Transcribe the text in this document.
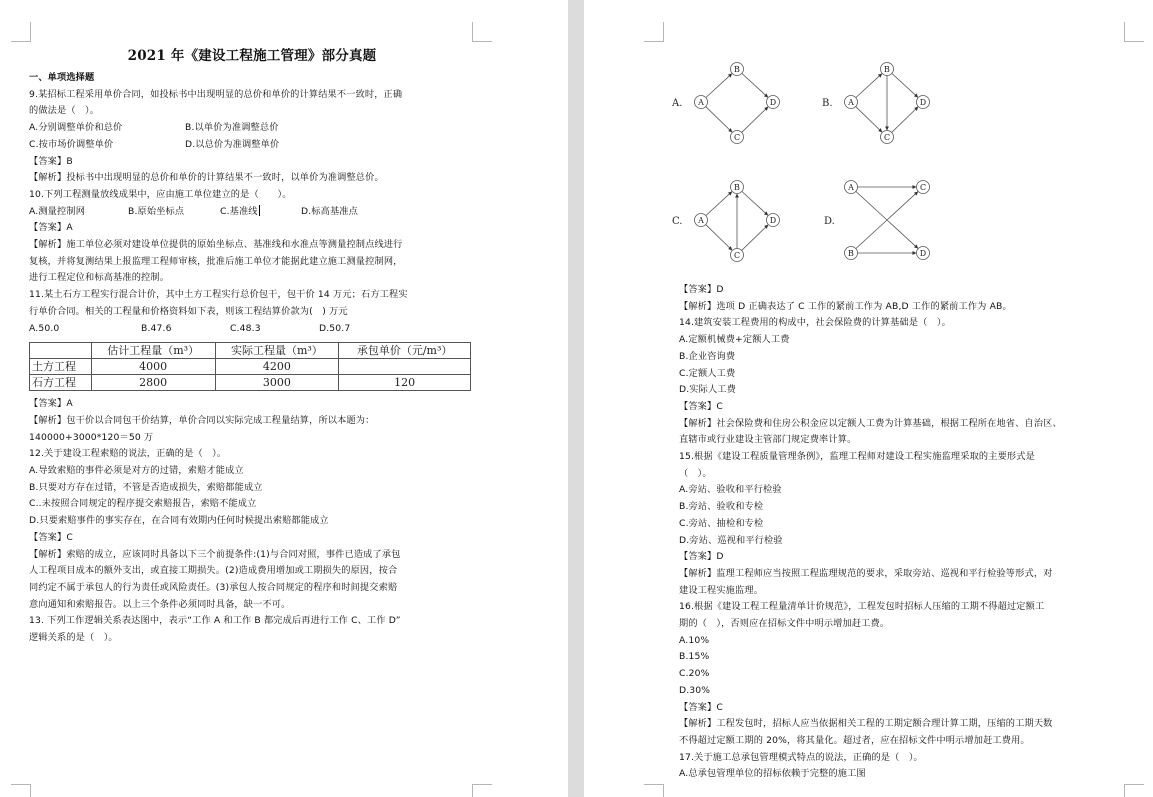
2021 年《建设工程施工管理》部分真题
一、单项选择题
9.某招标工程采用单价合同，如投标书中出现明显的总价和单价的计算结果不一致时，正确
的做法是（　）。
A.分别调整单价和总价	B.以单价为准调整总价
C.按市场价调整单价	D.以总价为准调整单价
【答案】B
【解析】投标书中出现明显的总价和单价的计算结果不一致时，以单价为准调整总价。
10.下列工程测量放线成果中，应由施工单位建立的是（　　）。
A.测量控制网	B.原始坐标点	C.基准线	D.标高基准点
【答案】A
【解析】施工单位必须对建设单位提供的原始坐标点、基准线和水准点等测量控制点线进行
复核，并将复测结果上报监理工程师审核，批准后施工单位才能据此建立施工测量控制网，
进行工程定位和标高基准的控制。
11.某土石方工程实行混合计价，其中土方工程实行总价包干，包干价 14 万元；石方工程实
行单价合同。相关的工程量和价格资料如下表，则该工程结算价款为(　) 万元
A.50.0	B.47.6	C.48.3	D.50.7
	估计工程量（m³）	实际工程量（m³）	承包单价（元/m³）
土方工程	4000	4200	
石方工程	2800	3000	120
【答案】A
【解析】包干价以合同包干价结算，单价合同以实际完成工程量结算，所以本题为：
140000+3000*120＝50 万
12.关于建设工程索赔的说法，正确的是（　）。
A.导致索赔的事件必须是对方的过错，索赔才能成立
B.只要对方存在过错，不管是否造成损失，索赔都能成立
C..未按照合同规定的程序提交索赔报告，索赔不能成立
D.只要索赔事件的事实存在，在合同有效期内任何时候提出索赔都能成立
【答案】C
【解析】索赔的成立，应该同时具备以下三个前提条件:(1)与合同对照，事件已造成了承包
人工程项目成本的额外支出，或直接工期损失。(2)造成费用增加或工期损失的原因，按合
同约定不属于承包人的行为责任或风险责任。(3)承包人按合同规定的程序和时间提交索赔
意向通知和索赔报告。以上三个条件必须同时具备，缺一不可。
13. 下列工作逻辑关系表达图中，表示“工作 A 和工作 B 都完成后再进行工作 C、工作 D”
逻辑关系的是（　）。
A. A
B
C
D	B. A
B
C
D
C. A
B
C
D	D.
A
B
C
D
【答案】D
【解析】选项 D 正确表达了 C 工作的紧前工作为 AB,D 工作的紧前工作为 AB。
14.建筑安装工程费用的构成中，社会保险费的计算基础是（　）。
A.定额机械费+定额人工费
B.企业咨询费
C.定额人工费
D.实际人工费
【答案】C
【解析】社会保险费和住房公积金应以定额人工费为计算基础，根据工程所在地省、自治区、
直辖市或行业建设主管部门规定费率计算。
15.根据《建设工程质量管理条例》，监理工程师对建设工程实施监理采取的主要形式是
（　）。
A.旁站、验收和平行检验
B.旁站、验收和专检
C.旁站、抽检和专检
D.旁站、巡视和平行检验
【答案】D
【解析】监理工程师应当按照工程监理规范的要求，采取旁站、巡视和平行检验等形式，对
建设工程实施监理。
16.根据《建设工程工程量清单计价规范》，工程发包时招标人压缩的工期不得超过定额工
期的（　），否则应在招标文件中明示增加赶工费。
A.10%
B.15%
C.20%
D.30%
【答案】C
【解析】工程发包时，招标人应当依据相关工程的工期定额合理计算工期，压缩的工期天数
不得超过定额工期的 20%，将其量化。超过者，应在招标文件中明示增加赶工费用。
17.关于施工总承包管理模式特点的说法，正确的是（　）。
A.总承包管理单位的招标依赖于完整的施工图
